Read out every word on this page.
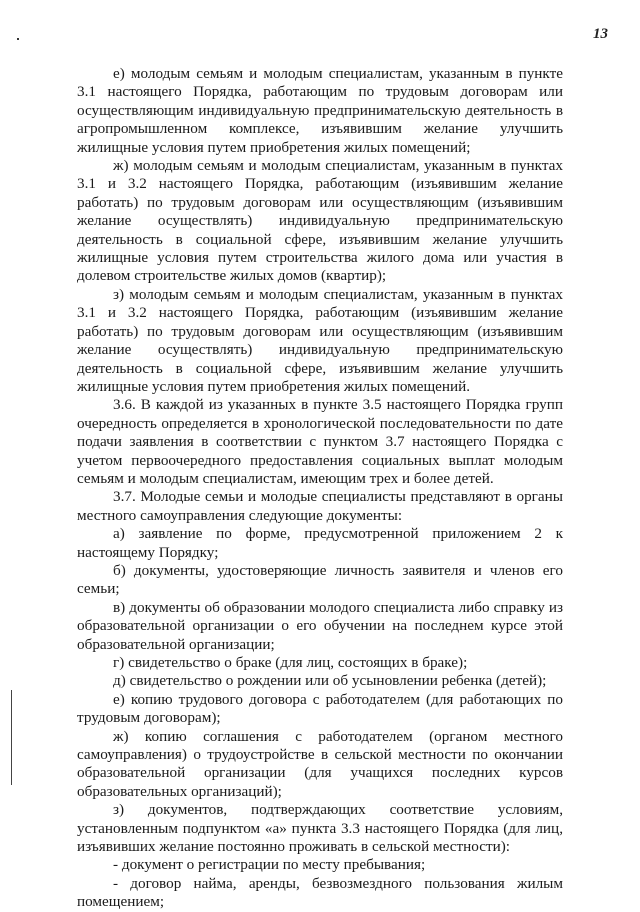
13

е) молодым семьям и молодым специалистам, указанным в пункте 3.1 настоящего Порядка, работающим по трудовым договорам или осуществляющим индивидуальную предпринимательскую деятельность в агропромышленном комплексе, изъявившим желание улучшить жилищные условия путем приобретения жилых помещений;

ж) молодым семьям и молодым специалистам, указанным в пунктах 3.1 и 3.2 настоящего Порядка, работающим (изъявившим желание работать) по трудовым договорам или осуществляющим (изъявившим желание осуществлять) индивидуальную предпринимательскую деятельность в социальной сфере, изъявившим желание улучшить жилищные условия путем строительства жилого дома или участия в долевом строительстве жилых домов (квартир);

з) молодым семьям и молодым специалистам, указанным в пунктах 3.1 и 3.2 настоящего Порядка, работающим (изъявившим желание работать) по трудовым договорам или осуществляющим (изъявившим желание осуществлять) индивидуальную предпринимательскую деятельность в социальной сфере, изъявившим желание улучшить жилищные условия путем приобретения жилых помещений.

3.6. В каждой из указанных в пункте 3.5 настоящего Порядка групп очередность определяется в хронологической последовательности по дате подачи заявления в соответствии с пунктом 3.7 настоящего Порядка с учетом первоочередного предоставления социальных выплат молодым семьям и молодым специалистам, имеющим трех и более детей.

3.7. Молодые семьи и молодые специалисты представляют в органы местного самоуправления следующие документы:

а) заявление по форме, предусмотренной приложением 2 к настоящему Порядку;

б) документы, удостоверяющие личность заявителя и членов его семьи;

в) документы об образовании молодого специалиста либо справку из образовательной организации о его обучении на последнем курсе этой образовательной организации;

г) свидетельство о браке (для лиц, состоящих в браке);

д) свидетельство о рождении или об усыновлении ребенка (детей);

е) копию трудового договора с работодателем (для работающих по трудовым договорам);

ж) копию соглашения с работодателем (органом местного самоуправления) о трудоустройстве в сельской местности по окончании образовательной организации (для учащихся последних курсов образовательных организаций);

з) документов, подтверждающих соответствие условиям, установленным подпунктом «а» пункта 3.3 настоящего Порядка (для лиц, изъявивших желание постоянно проживать в сельской местности):

- документ о регистрации по месту пребывания;

- договор найма, аренды, безвозмездного пользования жилым помещением;
